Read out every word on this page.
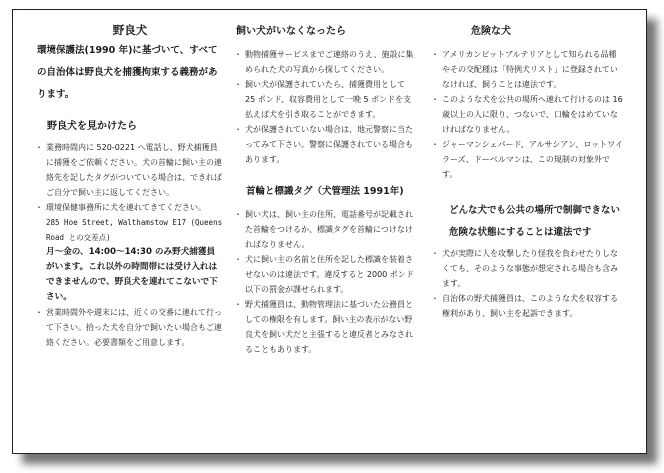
野良犬
環境保護法(1990 年)に基づいて、すべての自治体は野良犬を捕獲拘束する義務があります。
野良犬を見かけたら
・ 業務時間内に 520-0221 へ電話し、野犬捕獲員に捕獲をご依頼ください。犬の首輪に飼い主の連絡先を記したタグがついている場合は、できればご自分で飼い主に返してください。
・ 環境保健事務所に犬を連れてきてください。
285 Hoe Street, Walthamstow E17 (Queens Road との交差点)
月～金の、14:00～14:30 のみ野犬捕獲員がいます。これ以外の時間帯には受け入れはできませんので、野良犬を連れてこないで下さい。
・ 営業時間外や週末には、近くの交番に連れて行って下さい。拾った犬を自分で飼いたい場合もご連絡ください。必要書類をご用意します。
飼い犬がいなくなったら
・ 動物捕獲サービスまでご連絡のうえ、施設に集められた犬の写真から探してください。
・ 飼い犬が保護されていたら、捕獲費用として 25 ポンド、収容費用として一晩 5 ポンドを支払えば犬を引き取ることができます。
・ 犬が保護されていない場合は、地元警察に当たってみて下さい。警察に保護されている場合もあります。
首輪と標識タグ（犬管理法 1991年)
・ 飼い犬は、飼い主の住所、電話番号が記載された首輪をつけるか、標識タグを首輪につけなければなりません。
・ 犬に飼い主の名前と住所を記した標識を装着させないのは違法です。違反すると 2000 ポンド以下の罰金が課せられます。
・ 野犬捕獲員は、動物管理法に基づいた公務員としての権限を有します。飼い主の表示がない野良犬を飼い犬だと主張すると違反者とみなされることもあります。
危険な犬
・ アメリカンピットブルテリアとして知られる品種やその交配種は「特例犬リスト」に登録されていなければ、飼うことは違法です。
・ このような犬を公共の場所へ連れて行けるのは 16 歳以上の人に限り、つないで、口輪をはめていなければなりません。
・ ジャーマンシェパード、アルサシアン、ロットワイラーズ、ドーベルマンは、この規制の対象外です。
どんな犬でも公共の場所で制御できない危険な状態にすることは違法です
・ 犬が実際に人を攻撃したり怪我を負わせたりしなくても、そのような事態が想定される場合も含みます。
・ 自治体の野犬捕獲員は、このような犬を収容する権利があり、飼い主を起訴できます。
